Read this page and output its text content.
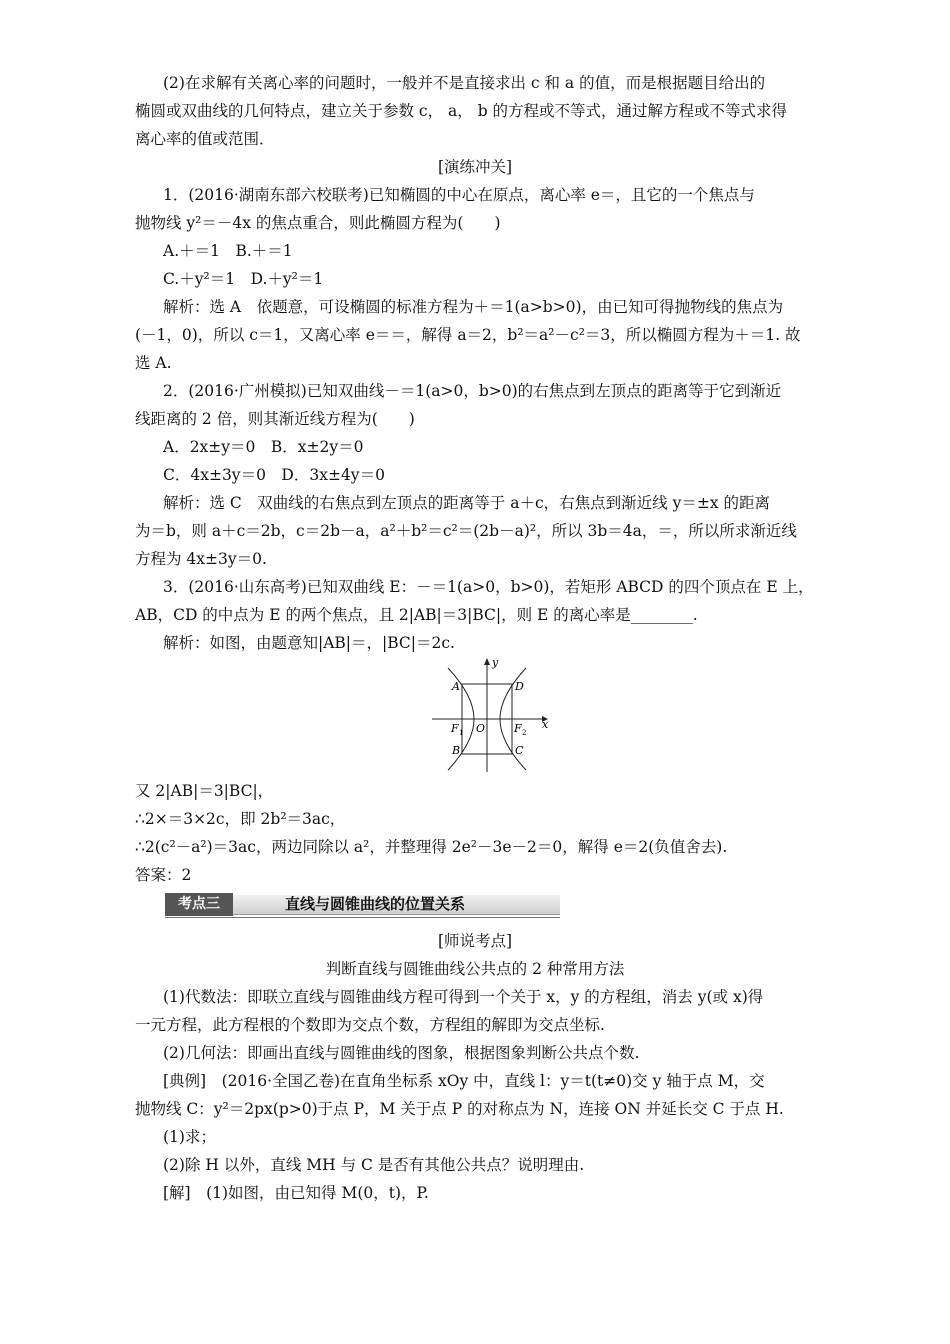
(2)在求解有关离心率的问题时，一般并不是直接求出 c 和 a 的值，而是根据题目给出的
椭圆或双曲线的几何特点，建立关于参数 c， a， b 的方程或不等式，通过解方程或不等式求得
离心率的值或范围．
[演练冲关]
1．(2016·湖南东部六校联考)已知椭圆的中心在原点，离心率 e＝，且它的一个焦点与
抛物线 y²＝－4x 的焦点重合，则此椭圆方程为(　　)
A.＋＝1　B.＋＝1
C.＋y²＝1　D.＋y²＝1
解析：选 A　依题意，可设椭圆的标准方程为＋＝1(a>b>0)，由已知可得抛物线的焦点为
(－1，0)，所以 c＝1，又离心率 e＝＝，解得 a＝2，b²＝a²－c²＝3，所以椭圆方程为＋＝1. 故
选 A.
2．(2016·广州模拟)已知双曲线－＝1(a>0，b>0)的右焦点到左顶点的距离等于它到渐近
线距离的 2 倍，则其渐近线方程为(　　)
A．2x±y＝0　B．x±2y＝0
C．4x±3y＝0　D．3x±4y＝0
解析：选 C　双曲线的右焦点到左顶点的距离等于 a＋c，右焦点到渐近线 y＝±x 的距离
为＝b，则 a＋c＝2b，c＝2b－a，a²＋b²＝c²＝(2b－a)²，所以 3b＝4a，＝，所以所求渐近线
方程为 4x±3y＝0.
3．(2016·山东高考)已知双曲线 E：－＝1(a>0，b>0)，若矩形 ABCD 的四个顶点在 E 上，
AB，CD 的中点为 E 的两个焦点，且 2|AB|＝3|BC|，则 E 的离心率是________.
解析：如图，由题意知|AB|＝，|BC|＝2c.
y
x
A	D
B	C
O
F 1	F 2
又 2|AB|＝3|BC|，
∴2×＝3×2c，即 2b²＝3ac，
∴2(c²－a²)＝3ac，两边同除以 a²，并整理得 2e²－3e－2＝0，解得 e＝2(负值舍去).
答案：2
考点三	直线与圆锥曲线的位置关系
[师说考点]
判断直线与圆锥曲线公共点的 2 种常用方法
(1)代数法：即联立直线与圆锥曲线方程可得到一个关于 x，y 的方程组，消去 y(或 x)得
一元方程，此方程根的个数即为交点个数，方程组的解即为交点坐标.
(2)几何法：即画出直线与圆锥曲线的图象，根据图象判断公共点个数.
[典例]　(2016·全国乙卷)在直角坐标系 xOy 中，直线 l：y＝t(t≠0)交 y 轴于点 M，交
抛物线 C：y²＝2px(p>0)于点 P，M 关于点 P 的对称点为 N，连接 ON 并延长交 C 于点 H.
(1)求；
(2)除 H 以外，直线 MH 与 C 是否有其他公共点？说明理由.
[解]　(1)如图，由已知得 M(0，t)，P.
